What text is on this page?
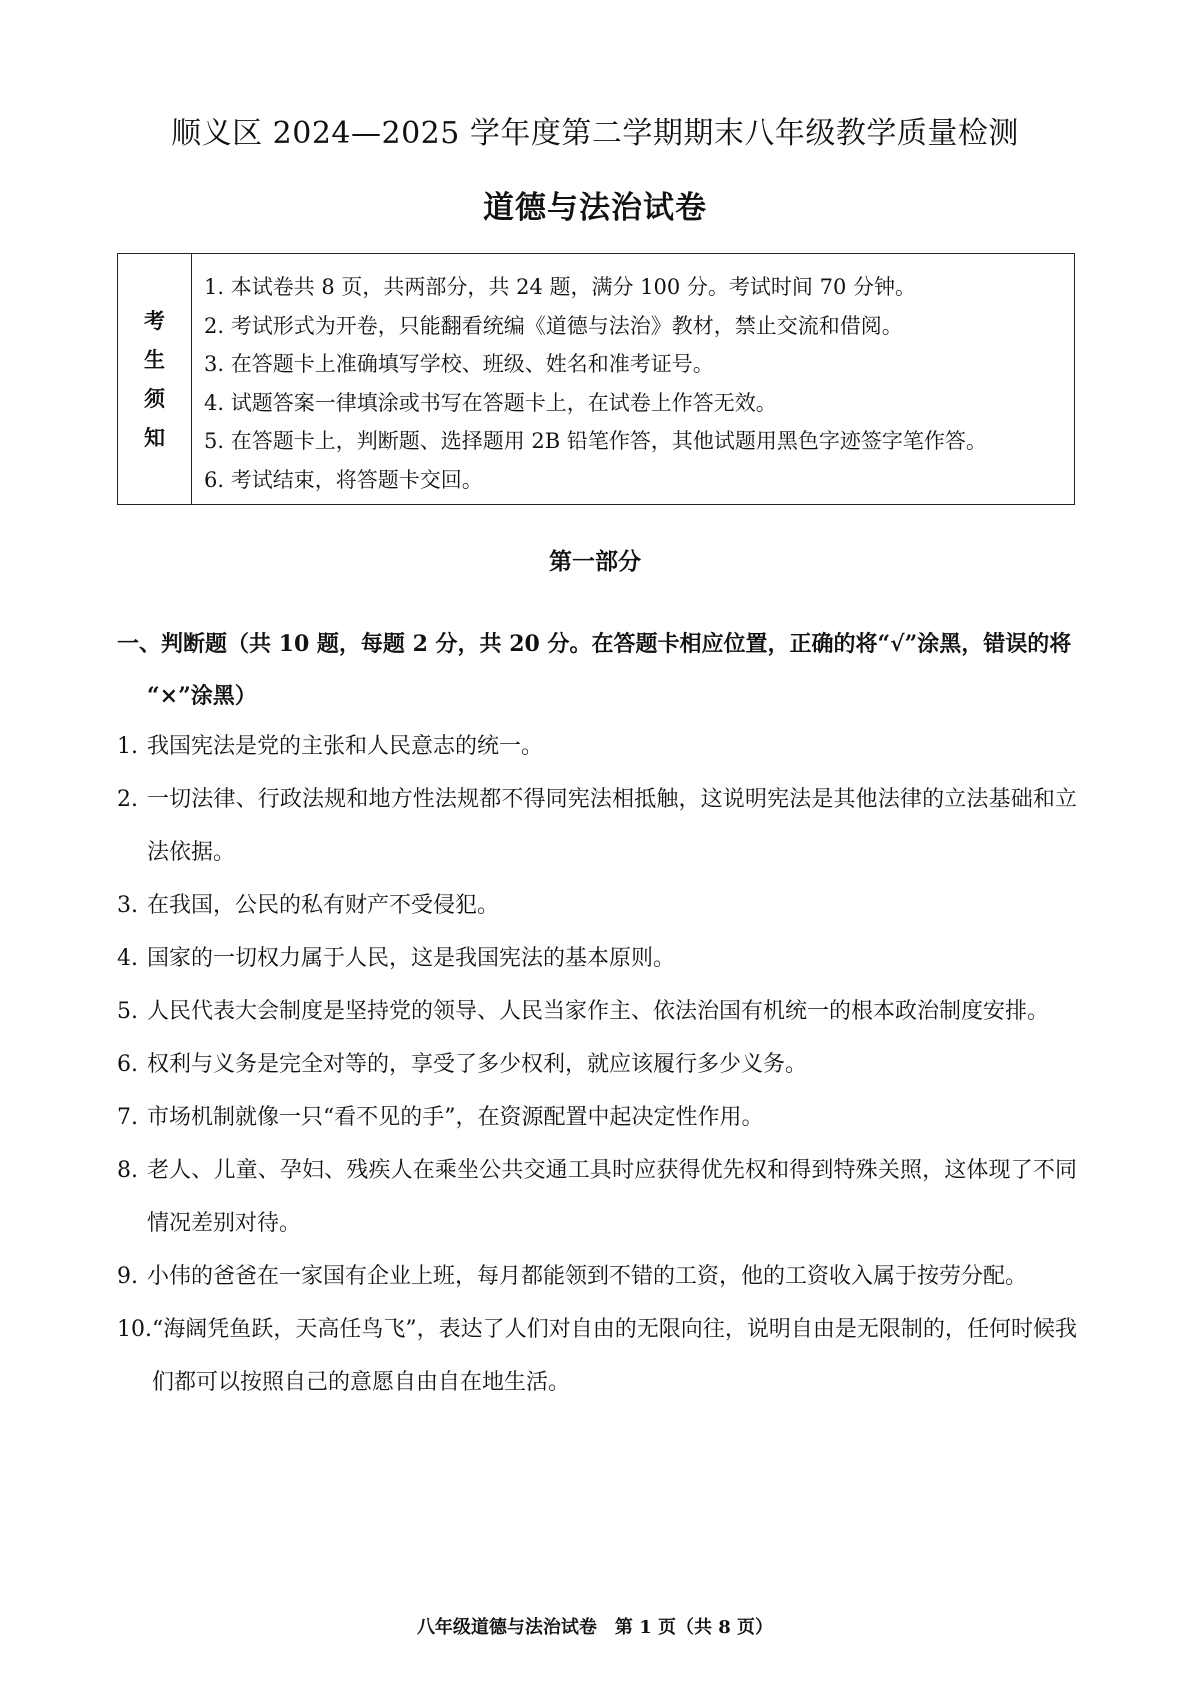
顺义区 2024—2025 学年度第二学期期末八年级教学质量检测
道德与法治试卷
考
生
须
知
1. 本试卷共 8 页，共两部分，共 24 题，满分 100 分。考试时间 70 分钟。
2. 考试形式为开卷，只能翻看统编《道德与法治》教材，禁止交流和借阅。
3. 在答题卡上准确填写学校、班级、姓名和准考证号。
4. 试题答案一律填涂或书写在答题卡上，在试卷上作答无效。
5. 在答题卡上，判断题、选择题用 2B 铅笔作答，其他试题用黑色字迹签字笔作答。
6. 考试结束，将答题卡交回。
第一部分
一、判断题（共 10 题，每题 2 分，共 20 分。在答题卡相应位置，正确的将“√”涂黑，错误的将
“×”涂黑）
1. 我国宪法是党的主张和人民意志的统一。
2. 一切法律、行政法规和地方性法规都不得同宪法相抵触，这说明宪法是其他法律的立法基础和立法依据。
3. 在我国，公民的私有财产不受侵犯。
4. 国家的一切权力属于人民，这是我国宪法的基本原则。
5. 人民代表大会制度是坚持党的领导、人民当家作主、依法治国有机统一的根本政治制度安排。
6. 权利与义务是完全对等的，享受了多少权利，就应该履行多少义务。
7. 市场机制就像一只“看不见的手”，在资源配置中起决定性作用。
8. 老人、儿童、孕妇、残疾人在乘坐公共交通工具时应获得优先权和得到特殊关照，这体现了不同情况差别对待。
9. 小伟的爸爸在一家国有企业上班，每月都能领到不错的工资，他的工资收入属于按劳分配。
10. “海阔凭鱼跃，天高任鸟飞”，表达了人们对自由的无限向往，说明自由是无限制的，任何时候我们都可以按照自己的意愿自由自在地生活。
八年级道德与法治试卷　第 1 页（共 8 页）
